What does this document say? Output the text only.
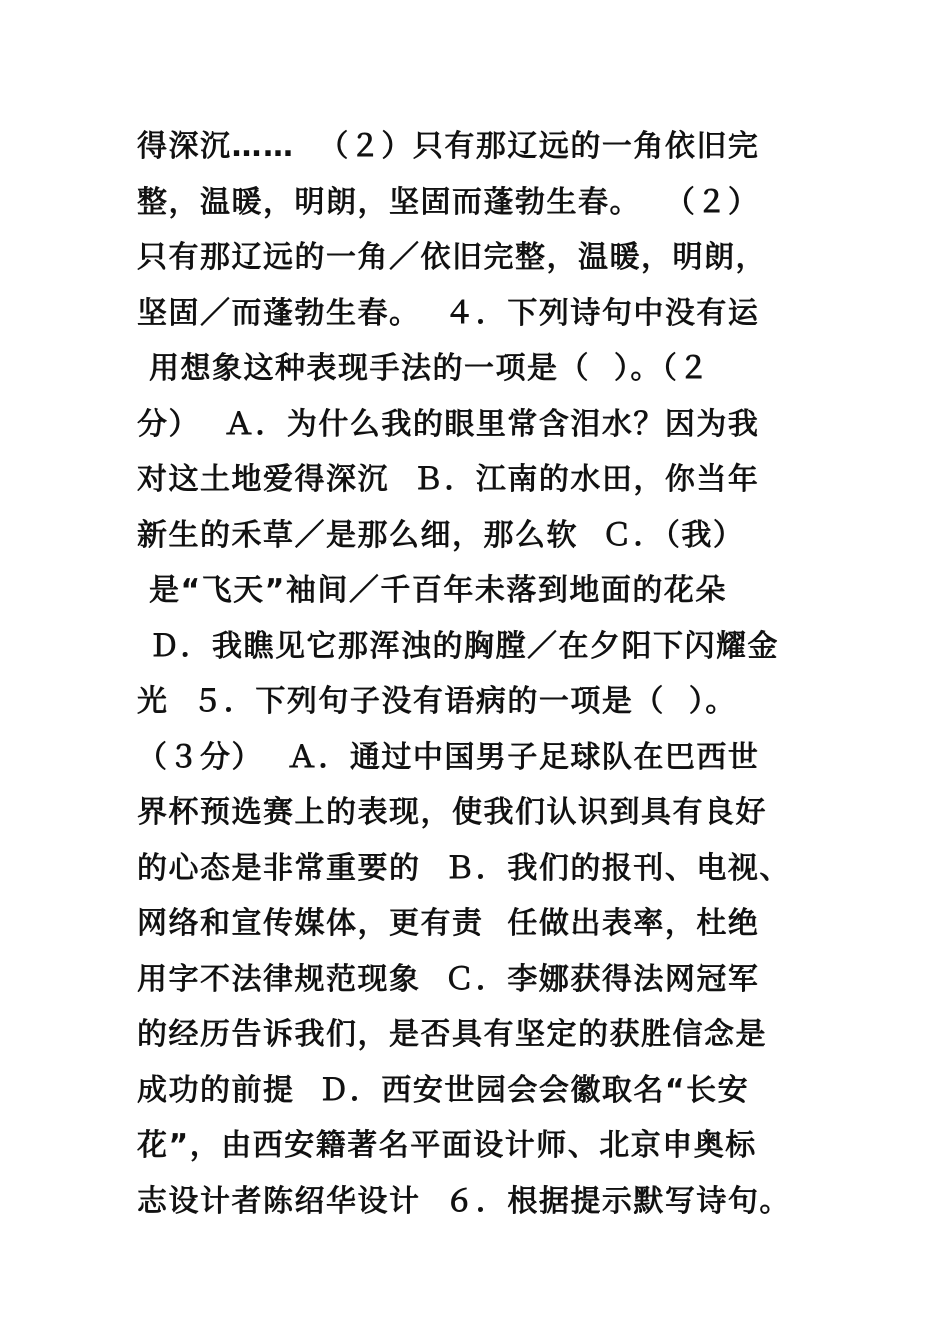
得深沉……  （２）只有那辽远的一角依旧完
整，温暖，明朗，坚固而蓬勃生春。  （２）
只有那辽远的一角／依旧完整，温暖，明朗，
坚固／而蓬勃生春。  ４．下列诗句中没有运
用想象这种表现手法的一项是（  ）。（２
分）  Ａ．为什么我的眼里常含泪水？因为我
对这土地爱得深沉  Ｂ．江南的水田，你当年
新生的禾草／是那么细，那么软  Ｃ．（我）
是“飞天”袖间／千百年未落到地面的花朵
Ｄ．我瞧见它那浑浊的胸膛／在夕阳下闪耀金
光  ５．下列句子没有语病的一项是（  ）。
（３分）  Ａ．通过中国男子足球队在巴西世
界杯预选赛上的表现，使我们认识到具有良好
的心态是非常重要的  Ｂ．我们的报刊、电视、
网络和宣传媒体，更有责  任做出表率，杜绝
用字不法律规范现象  Ｃ．李娜获得法网冠军
的经历告诉我们，是否具有坚定的获胜信念是
成功的前提  Ｄ．西安世园会会徽取名“长安
花”，由西安籍著名平面设计师、北京申奥标
志设计者陈绍华设计  ６．根据提示默写诗句。
